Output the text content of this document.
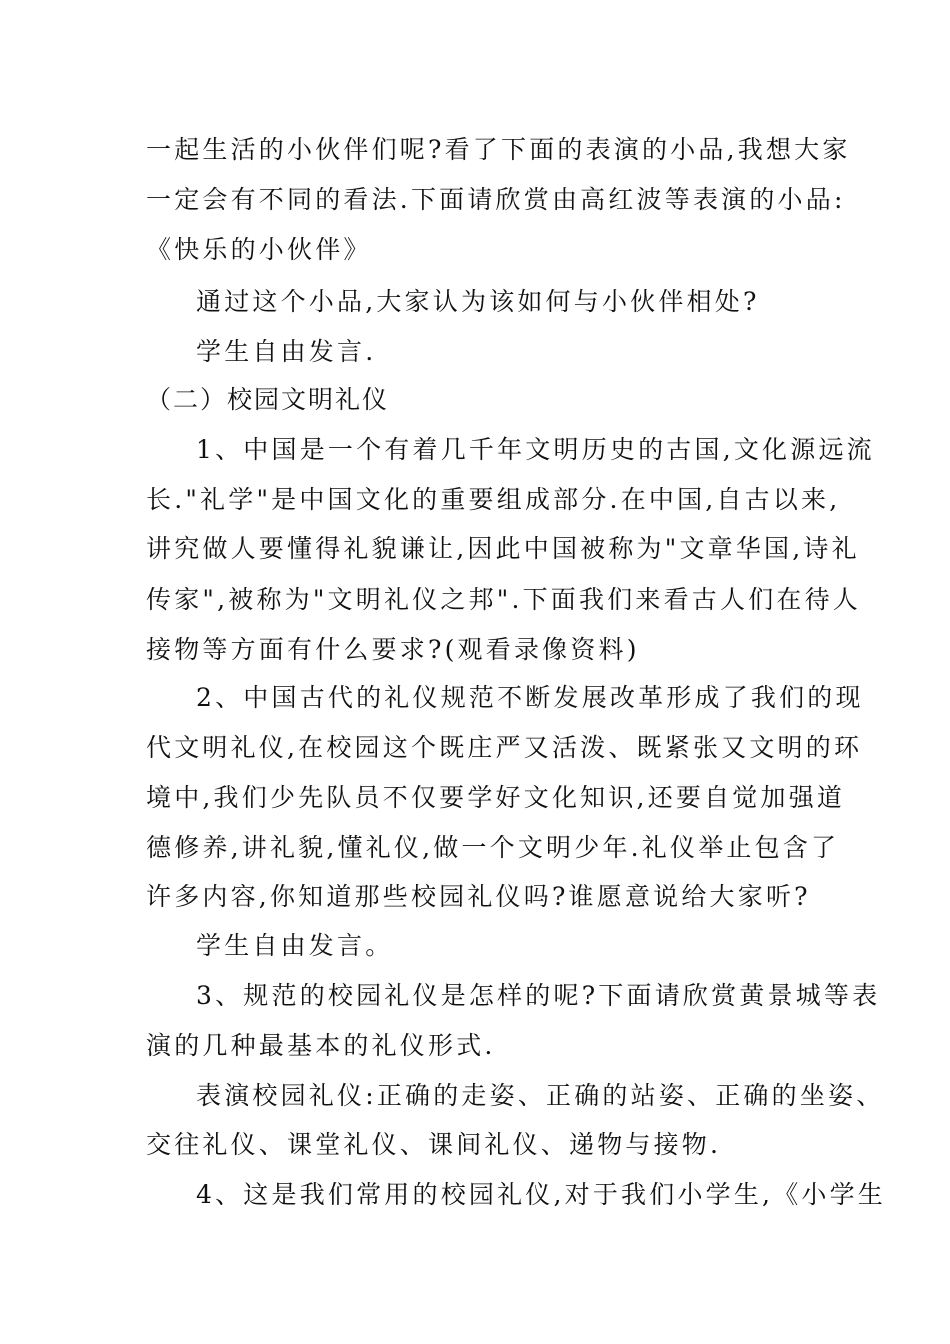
一起生活的小伙伴们呢?看了下面的表演的小品,我想大家
一定会有不同的看法.下面请欣赏由高红波等表演的小品:
《快乐的小伙伴》
通过这个小品,大家认为该如何与小伙伴相处?
学生自由发言.
（二）校园文明礼仪
1、中国是一个有着几千年文明历史的古国,文化源远流
长."礼学"是中国文化的重要组成部分.在中国,自古以来,
讲究做人要懂得礼貌谦让,因此中国被称为"文章华国,诗礼
传家",被称为"文明礼仪之邦".下面我们来看古人们在待人
接物等方面有什么要求?(观看录像资料)
2、中国古代的礼仪规范不断发展改革形成了我们的现
代文明礼仪,在校园这个既庄严又活泼、既紧张又文明的环
境中,我们少先队员不仅要学好文化知识,还要自觉加强道
德修养,讲礼貌,懂礼仪,做一个文明少年.礼仪举止包含了
许多内容,你知道那些校园礼仪吗?谁愿意说给大家听?
学生自由发言。
3、规范的校园礼仪是怎样的呢?下面请欣赏黄景城等表
演的几种最基本的礼仪形式.
表演校园礼仪:正确的走姿、正确的站姿、正确的坐姿、
交往礼仪、课堂礼仪、课间礼仪、递物与接物.
4、这是我们常用的校园礼仪,对于我们小学生,《小学生
